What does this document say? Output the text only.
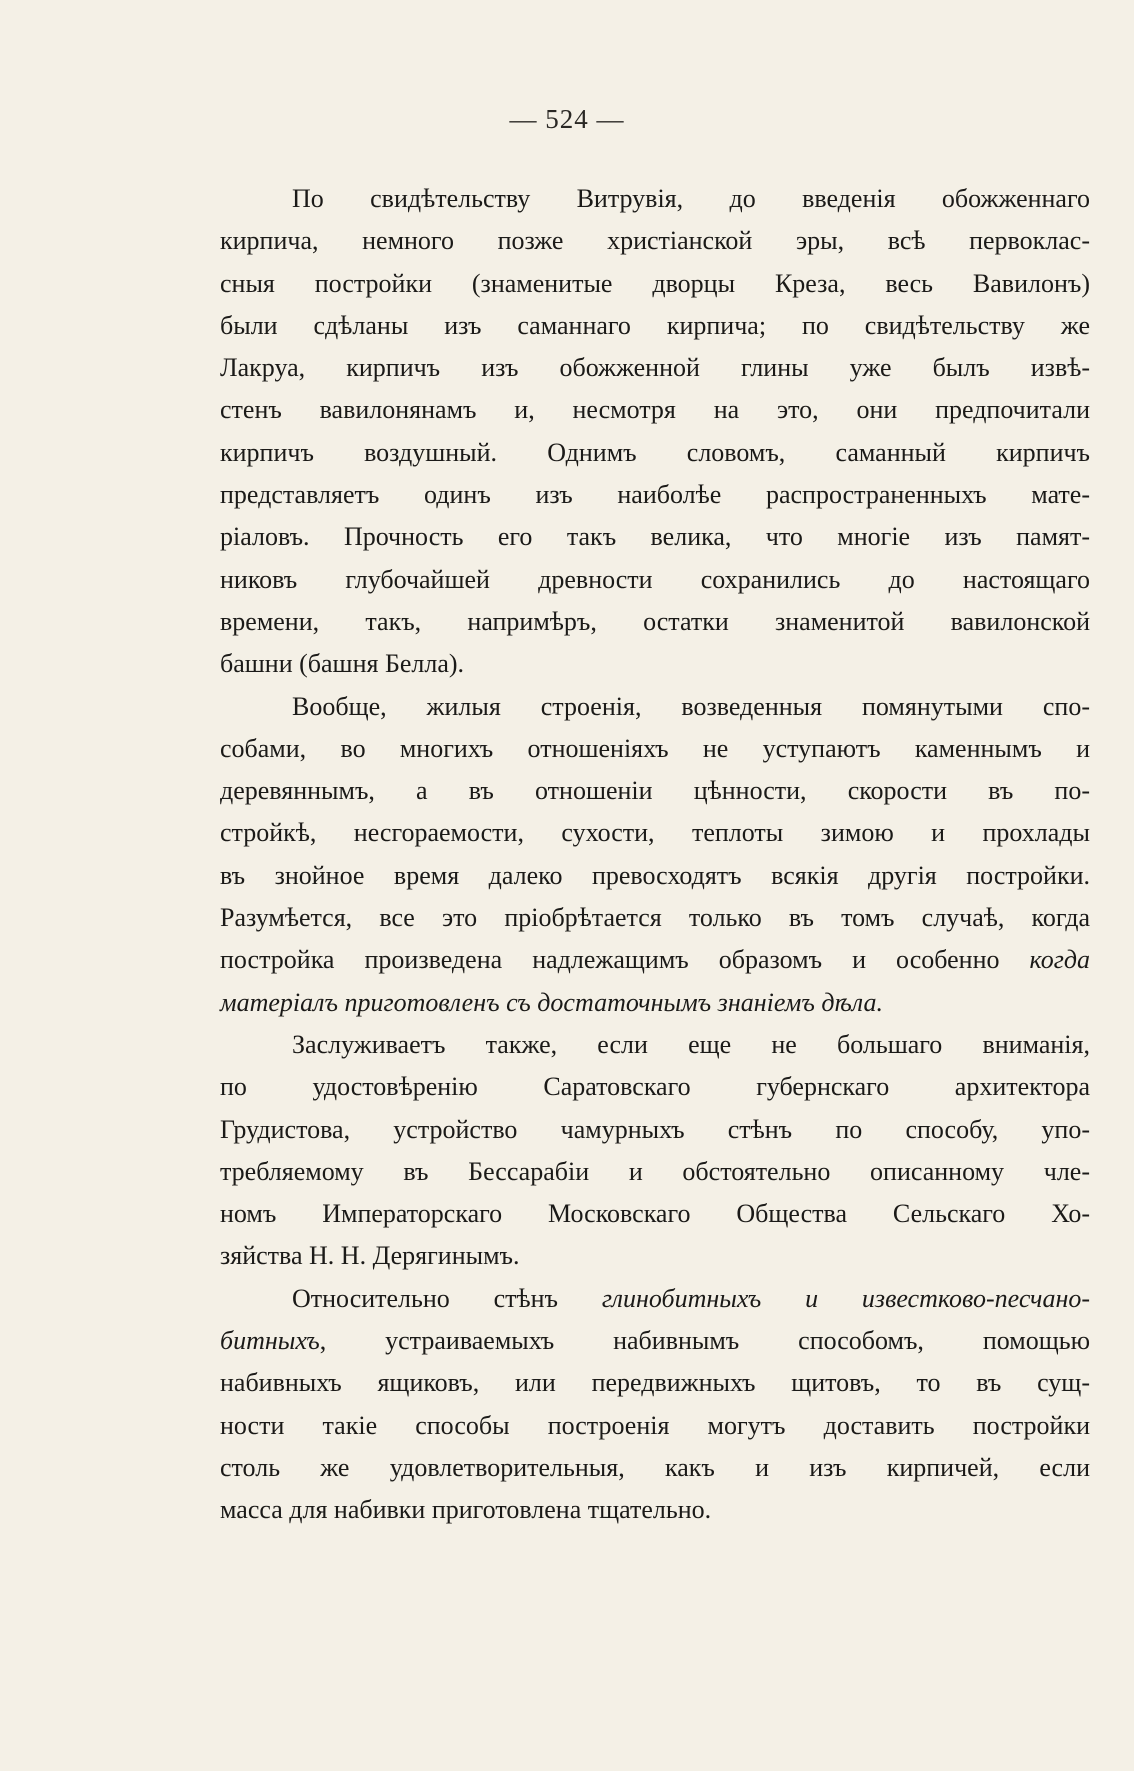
— 524 —
По свидѣтельству Витрувія, до введенія обожженнаго
кирпича, немного позже христіанской эры, всѣ первоклас-
сныя постройки (знаменитые дворцы Креза, весь Вавилонъ)
были сдѣланы изъ саманнаго кирпича; по свидѣтельству же
Лакруа, кирпичъ изъ обожженной глины уже былъ извѣ-
стенъ вавилонянамъ и, несмотря на это, они предпочитали
кирпичъ воздушный. Однимъ словомъ, саманный кирпичъ
представляетъ одинъ изъ наиболѣе распространенныхъ мате-
ріаловъ. Прочность его такъ велика, что многіе изъ памят-
никовъ глубочайшей древности сохранились до настоящаго
времени, такъ, напримѣръ, остатки знаменитой вавилонской
башни (башня Белла).
Вообще, жилыя строенія, возведенныя помянутыми спо-
собами, во многихъ отношеніяхъ не уступаютъ каменнымъ и
деревяннымъ, а въ отношеніи цѣнности, скорости въ по-
стройкѣ, несгораемости, сухости, теплоты зимою и прохлады
въ знойное время далеко превосходятъ всякія другія постройки.
Разумѣется, все это пріобрѣтается только въ томъ случаѣ, когда
постройка произведена надлежащимъ образомъ и особенно когда
матеріалъ приготовленъ съ достаточнымъ знаніемъ дѣла.
Заслуживаетъ также, если еще не большаго вниманія,
по удостовѣренію Саратовскаго губернскаго архитектора
Грудистова, устройство чамурныхъ стѣнъ по способу, упо-
требляемому въ Бессарабіи и обстоятельно описанному чле-
номъ Императорскаго Московскаго Общества Сельскаго Хо-
зяйства Н. Н. Дерягинымъ.
Относительно стѣнъ глинобитныхъ и известково-песчано-
битныхъ, устраиваемыхъ набивнымъ способомъ, помощью
набивныхъ ящиковъ, или передвижныхъ щитовъ, то въ сущ-
ности такіе способы построенія могутъ доставить постройки
столь же удовлетворительныя, какъ и изъ кирпичей, если
масса для набивки приготовлена тщательно.
